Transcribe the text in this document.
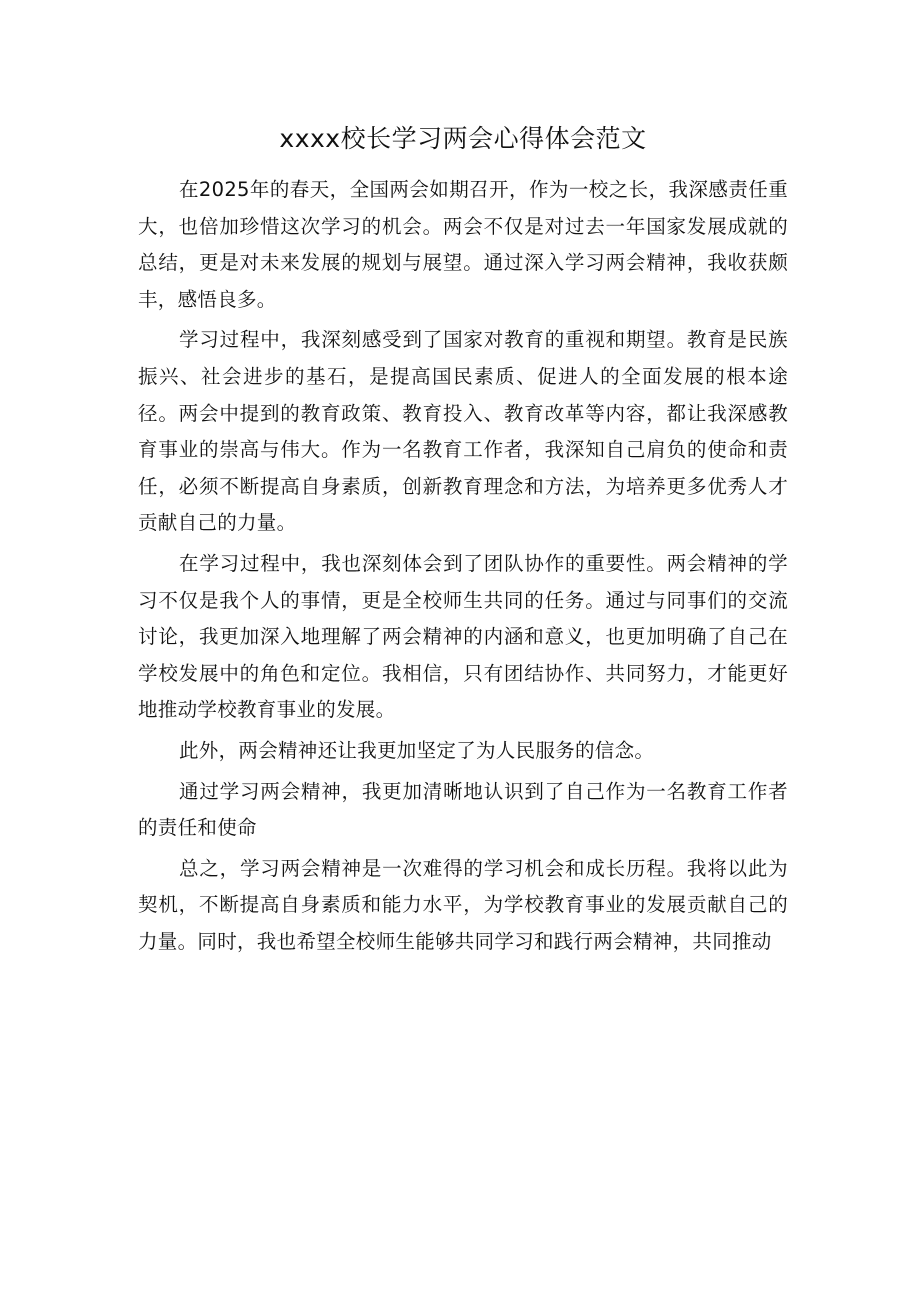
xxxx校长学习两会心得体会范文

在2025年的春天，全国两会如期召开，作为一校之长，我深感责任重大，也倍加珍惜这次学习的机会。两会不仅是对过去一年国家发展成就的总结，更是对未来发展的规划与展望。通过深入学习两会精神，我收获颇丰，感悟良多。

学习过程中，我深刻感受到了国家对教育的重视和期望。教育是民族振兴、社会进步的基石，是提高国民素质、促进人的全面发展的根本途径。两会中提到的教育政策、教育投入、教育改革等内容，都让我深感教育事业的崇高与伟大。作为一名教育工作者，我深知自己肩负的使命和责任，必须不断提高自身素质，创新教育理念和方法，为培养更多优秀人才贡献自己的力量。

在学习过程中，我也深刻体会到了团队协作的重要性。两会精神的学习不仅是我个人的事情，更是全校师生共同的任务。通过与同事们的交流讨论，我更加深入地理解了两会精神的内涵和意义，也更加明确了自己在学校发展中的角色和定位。我相信，只有团结协作、共同努力，才能更好地推动学校教育事业的发展。

此外，两会精神还让我更加坚定了为人民服务的信念。

通过学习两会精神，我更加清晰地认识到了自己作为一名教育工作者的责任和使命

总之，学习两会精神是一次难得的学习机会和成长历程。我将以此为契机，不断提高自身素质和能力水平，为学校教育事业的发展贡献自己的力量。同时，我也希望全校师生能够共同学习和践行两会精神，共同推动
